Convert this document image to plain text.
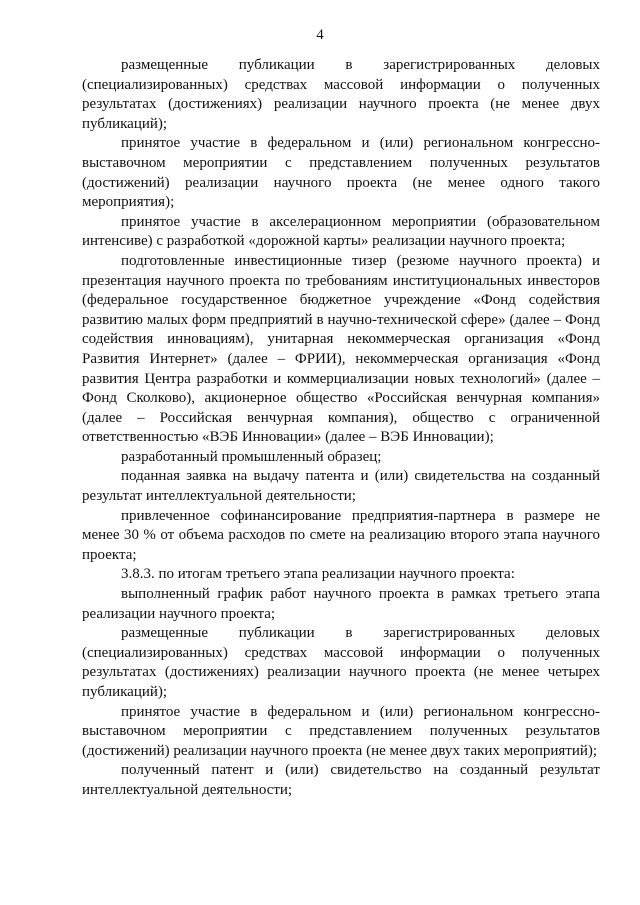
4

размещенные публикации в зарегистрированных деловых (специализированных) средствах массовой информации о полученных результатах (достижениях) реализации научного проекта (не менее двух публикаций);

принятое участие в федеральном и (или) региональном конгрессно-выставочном мероприятии с представлением полученных результатов (достижений) реализации научного проекта (не менее одного такого мероприятия);

принятое участие в акселерационном мероприятии (образовательном интенсиве) с разработкой «дорожной карты» реализации научного проекта;

подготовленные инвестиционные тизер (резюме научного проекта) и презентация научного проекта по требованиям институциональных инвесторов (федеральное государственное бюджетное учреждение «Фонд содействия развитию малых форм предприятий в научно-технической сфере» (далее – Фонд содействия инновациям), унитарная некоммерческая организация «Фонд Развития Интернет» (далее – ФРИИ), некоммерческая организация «Фонд развития Центра разработки и коммерциализации новых технологий» (далее – Фонд Сколково), акционерное общество «Российская венчурная компания» (далее – Российская венчурная компания), общество с ограниченной ответственностью «ВЭБ Инновации» (далее – ВЭБ Инновации);

разработанный промышленный образец;

поданная заявка на выдачу патента и (или) свидетельства на созданный результат интеллектуальной деятельности;

привлеченное софинансирование предприятия-партнера в размере не менее 30 % от объема расходов по смете на реализацию второго этапа научного проекта;

3.8.3. по итогам третьего этапа реализации научного проекта:

выполненный график работ научного проекта в рамках третьего этапа реализации научного проекта;

размещенные публикации в зарегистрированных деловых (специализированных) средствах массовой информации о полученных результатах (достижениях) реализации научного проекта (не менее четырех публикаций);

принятое участие в федеральном и (или) региональном конгрессно-выставочном мероприятии с представлением полученных результатов (достижений) реализации научного проекта (не менее двух таких мероприятий);

полученный патент и (или) свидетельство на созданный результат интеллектуальной деятельности;
